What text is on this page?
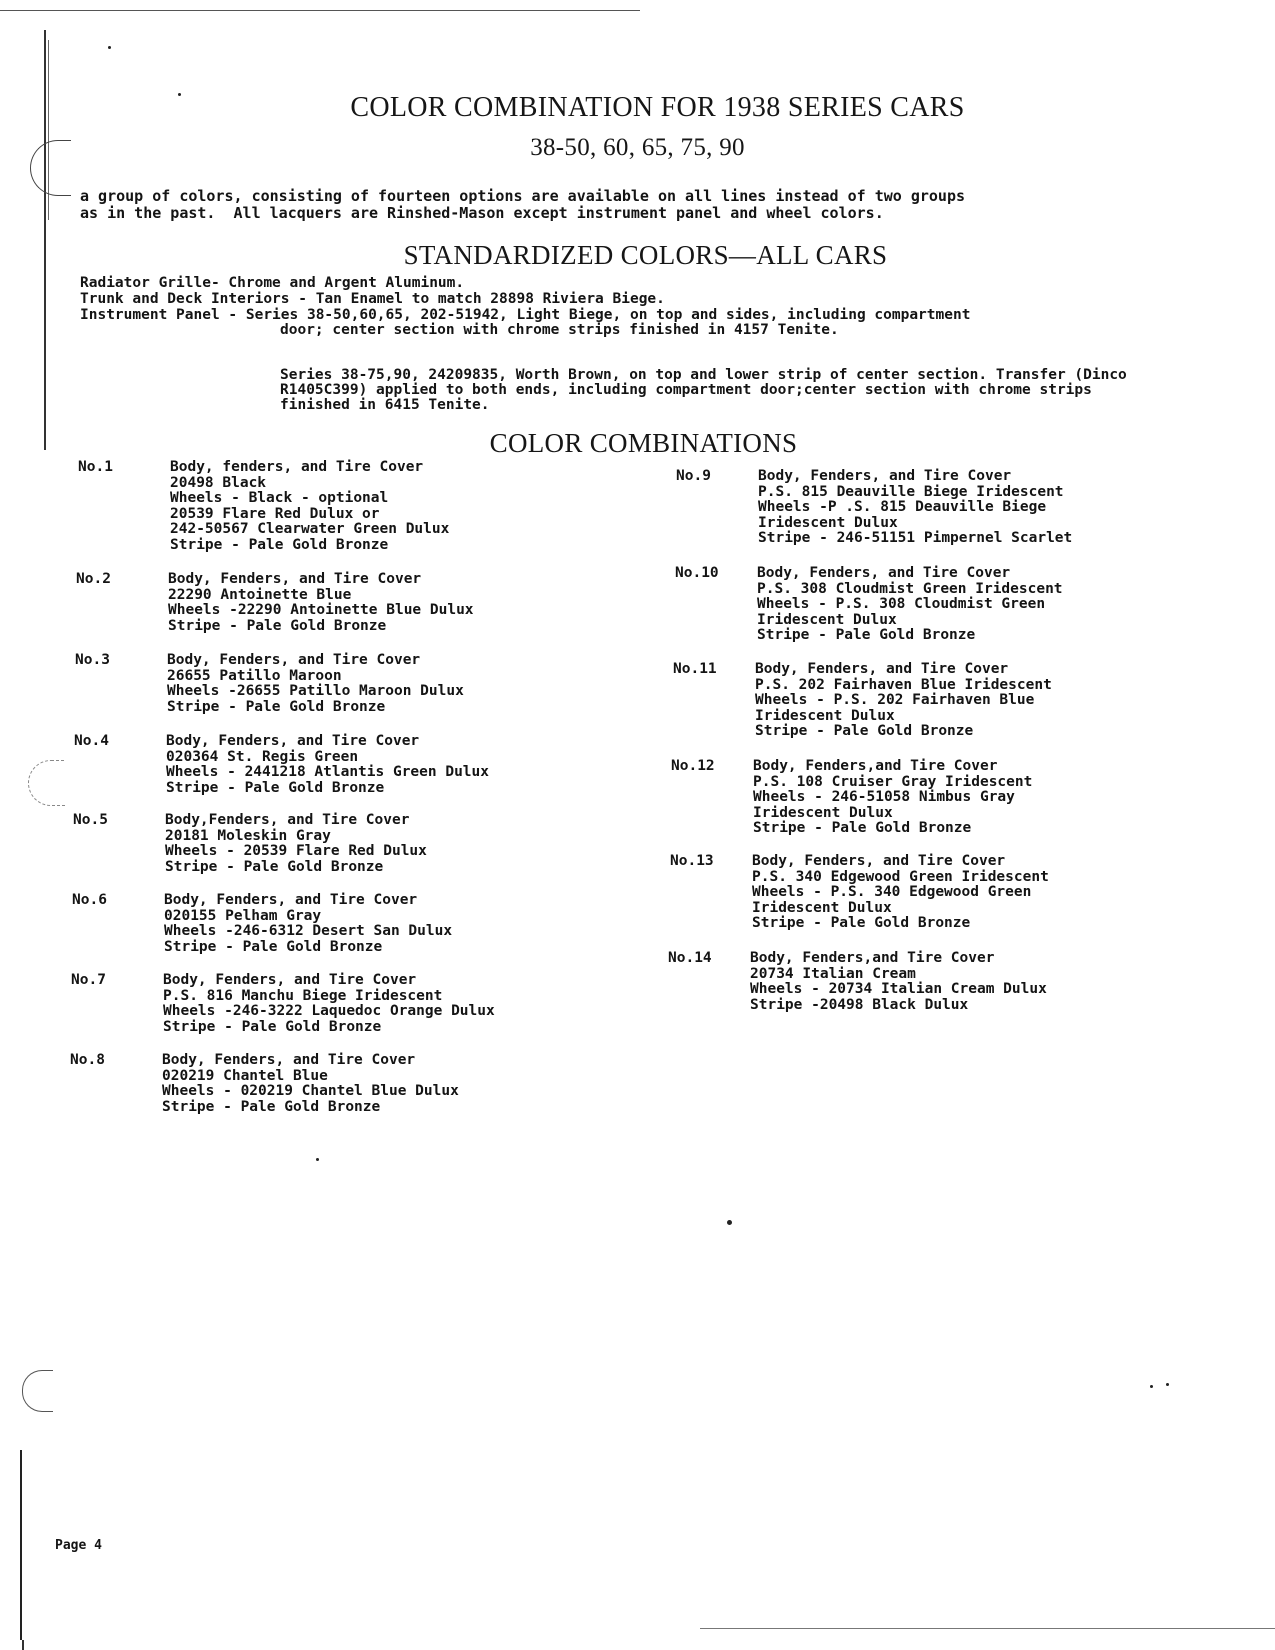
COLOR COMBINATION FOR 1938 SERIES CARS
38-50, 60, 65, 75, 90
a group of colors, consisting of fourteen options are available on all lines instead of two groups
as in the past.  All lacquers are Rinshed-Mason except instrument panel and wheel colors.
STANDARDIZED COLORS—ALL CARS
Radiator Grille- Chrome and Argent Aluminum.
Trunk and Deck Interiors - Tan Enamel to match 28898 Riviera Biege.
Instrument Panel - Series 38-50,60,65, 202-51942, Light Biege, on top and sides, including compartment
door; center section with chrome strips finished in 4157 Tenite.
Series 38-75,90, 24209835, Worth Brown, on top and lower strip of center section. Transfer (Dinco R1405C399) applied to both ends, including compartment door;center section with chrome strips finished in 6415 Tenite.
COLOR COMBINATIONS
No.1	Body, fenders, and Tire Cover
20498 Black
Wheels - Black - optional
20539 Flare Red Dulux or
242-50567 Clearwater Green Dulux
Stripe - Pale Gold Bronze
No.2	Body, Fenders, and Tire Cover
22290 Antoinette Blue
Wheels -22290 Antoinette Blue Dulux
Stripe - Pale Gold Bronze
No.3	Body, Fenders, and Tire Cover
26655 Patillo Maroon
Wheels -26655 Patillo Maroon Dulux
Stripe - Pale Gold Bronze
No.4	Body, Fenders, and Tire Cover
020364 St. Regis Green
Wheels - 2441218 Atlantis Green Dulux
Stripe - Pale Gold Bronze
No.5	Body,Fenders, and Tire Cover
20181 Moleskin Gray
Wheels - 20539 Flare Red Dulux
Stripe - Pale Gold Bronze
No.6	Body, Fenders, and Tire Cover
020155 Pelham Gray
Wheels -246-6312 Desert San Dulux
Stripe - Pale Gold Bronze
No.7	Body, Fenders, and Tire Cover
P.S. 816 Manchu Biege Iridescent
Wheels -246-3222 Laquedoc Orange Dulux
Stripe - Pale Gold Bronze
No.8	Body, Fenders, and Tire Cover
020219 Chantel Blue
Wheels - 020219 Chantel Blue Dulux
Stripe - Pale Gold Bronze
No.9	Body, Fenders, and Tire Cover
P.S. 815 Deauville Biege Iridescent
Wheels -P .S. 815 Deauville Biege
Iridescent Dulux
Stripe - 246-51151 Pimpernel Scarlet
No.10	Body, Fenders, and Tire Cover
P.S. 308 Cloudmist Green Iridescent
Wheels - P.S. 308 Cloudmist Green
Iridescent Dulux
Stripe - Pale Gold Bronze
No.11	Body, Fenders, and Tire Cover
P.S. 202 Fairhaven Blue Iridescent
Wheels - P.S. 202 Fairhaven Blue
Iridescent Dulux
Stripe - Pale Gold Bronze
No.12	Body, Fenders,and Tire Cover
P.S. 108 Cruiser Gray Iridescent
Wheels - 246-51058 Nimbus Gray
Iridescent Dulux
Stripe - Pale Gold Bronze
No.13	Body, Fenders, and Tire Cover
P.S. 340 Edgewood Green Iridescent
Wheels - P.S. 340 Edgewood Green
Iridescent Dulux
Stripe - Pale Gold Bronze
No.14	Body, Fenders,and Tire Cover
20734 Italian Cream
Wheels - 20734 Italian Cream Dulux
Stripe -20498 Black Dulux
Page 4
